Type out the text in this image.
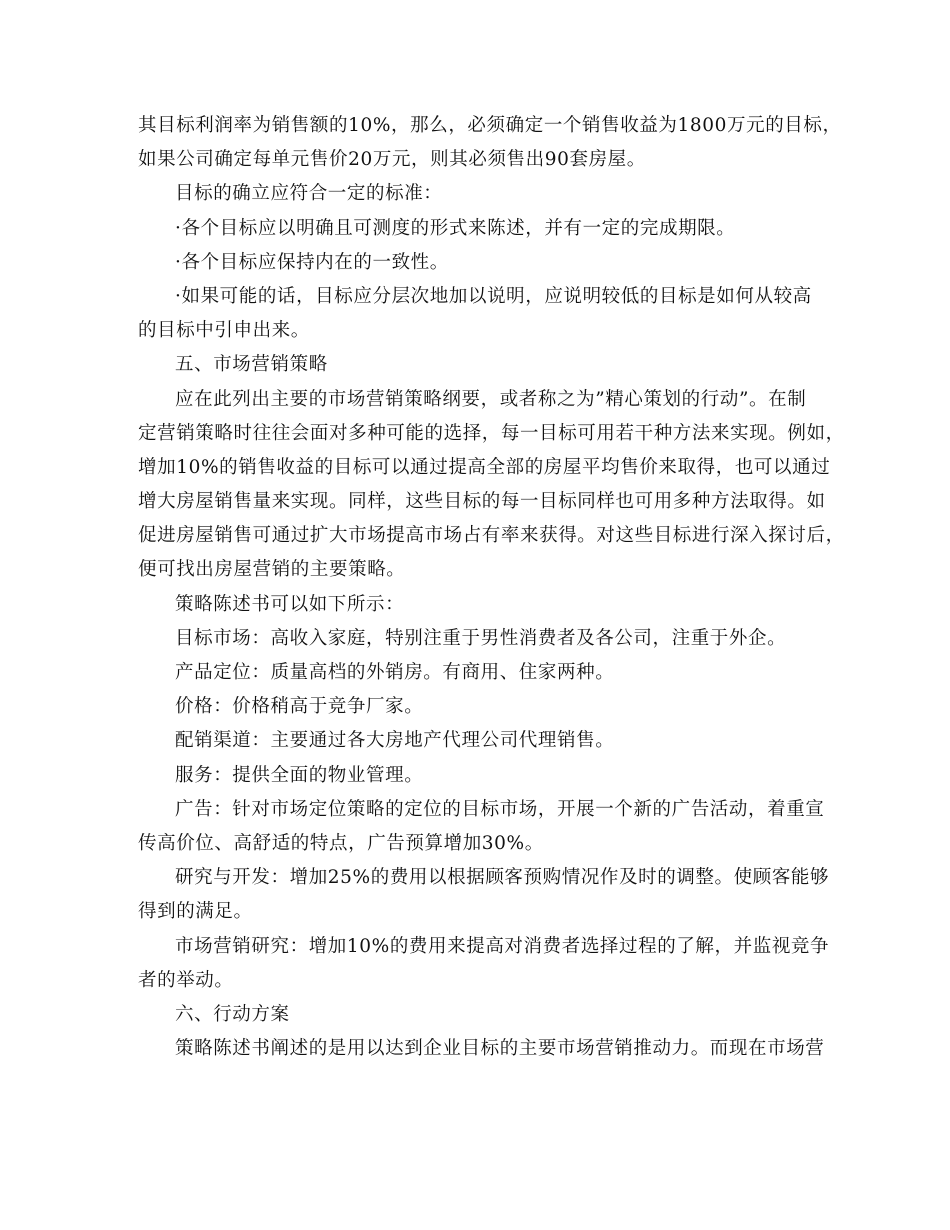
其目标利润率为销售额的10%，那么，必须确定一个销售收益为1800万元的目标，
如果公司确定每单元售价20万元，则其必须售出90套房屋。
目标的确立应符合一定的标准：
·各个目标应以明确且可测度的形式来陈述，并有一定的完成期限。
·各个目标应保持内在的一致性。
·如果可能的话，目标应分层次地加以说明，应说明较低的目标是如何从较高
的目标中引申出来。
五、市场营销策略
应在此列出主要的市场营销策略纲要，或者称之为”精心策划的行动”。在制
定营销策略时往往会面对多种可能的选择，每一目标可用若干种方法来实现。例如，
增加10%的销售收益的目标可以通过提高全部的房屋平均售价来取得，也可以通过
增大房屋销售量来实现。同样，这些目标的每一目标同样也可用多种方法取得。如
促进房屋销售可通过扩大市场提高市场占有率来获得。对这些目标进行深入探讨后，
便可找出房屋营销的主要策略。
策略陈述书可以如下所示：
目标市场：高收入家庭，特别注重于男性消费者及各公司，注重于外企。
产品定位：质量高档的外销房。有商用、住家两种。
价格：价格稍高于竞争厂家。
配销渠道：主要通过各大房地产代理公司代理销售。
服务：提供全面的物业管理。
广告：针对市场定位策略的定位的目标市场，开展一个新的广告活动，着重宣
传高价位、高舒适的特点，广告预算增加30%。
研究与开发：增加25%的费用以根据顾客预购情况作及时的调整。使顾客能够
得到的满足。
市场营销研究：增加10%的费用来提高对消费者选择过程的了解，并监视竞争
者的举动。
六、行动方案
策略陈述书阐述的是用以达到企业目标的主要市场营销推动力。而现在市场营
